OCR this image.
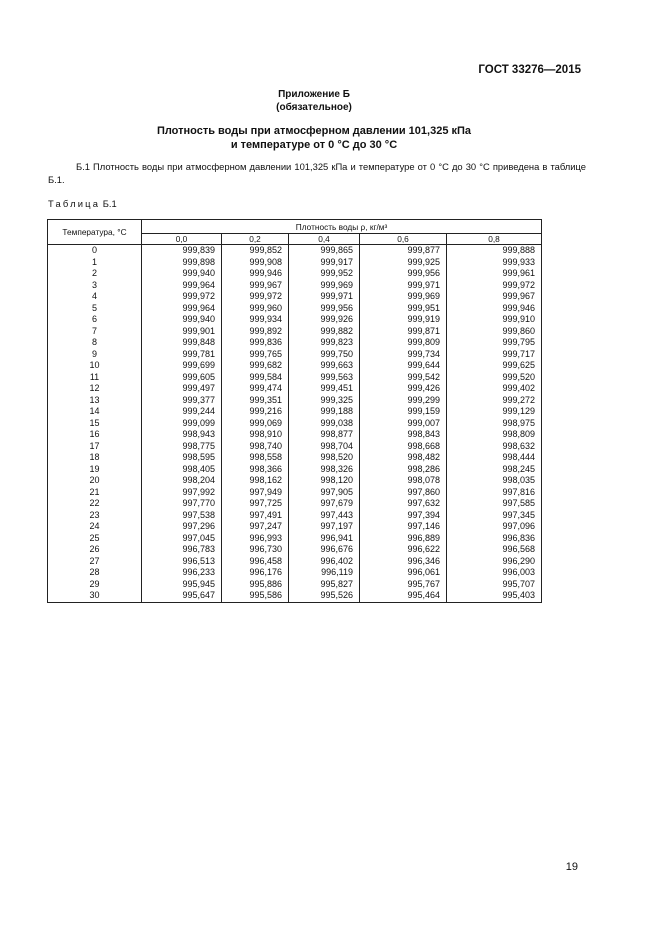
ГОСТ 33276—2015
Приложение Б
(обязательное)
Плотность воды при атмосферном давлении 101,325 кПа
и температуре от 0 °С до 30 °С
Б.1 Плотность воды при атмосферном давлении 101,325 кПа и температуре от 0 °С до 30 °С приведена в таблице Б.1.
Таблица Б.1
Температура, °С	Плотность воды ρ, кг/м³				
	0,0	0,2	0,4	0,6	0,8
0	999,839	999,852	999,865	999,877	999,888
1	999,898	999,908	999,917	999,925	999,933
2	999,940	999,946	999,952	999,956	999,961
3	999,964	999,967	999,969	999,971	999,972
4	999,972	999,972	999,971	999,969	999,967
5	999,964	999,960	999,956	999,951	999,946
6	999,940	999,934	999,926	999,919	999,910
7	999,901	999,892	999,882	999,871	999,860
8	999,848	999,836	999,823	999,809	999,795
9	999,781	999,765	999,750	999,734	999,717
10	999,699	999,682	999,663	999,644	999,625
11	999,605	999,584	999,563	999,542	999,520
12	999,497	999,474	999,451	999,426	999,402
13	999,377	999,351	999,325	999,299	999,272
14	999,244	999,216	999,188	999,159	999,129
15	999,099	999,069	999,038	999,007	998,975
16	998,943	998,910	998,877	998,843	998,809
17	998,775	998,740	998,704	998,668	998,632
18	998,595	998,558	998,520	998,482	998,444
19	998,405	998,366	998,326	998,286	998,245
20	998,204	998,162	998,120	998,078	998,035
21	997,992	997,949	997,905	997,860	997,816
22	997,770	997,725	997,679	997,632	997,585
23	997,538	997,491	997,443	997,394	997,345
24	997,296	997,247	997,197	997,146	997,096
25	997,045	996,993	996,941	996,889	996,836
26	996,783	996,730	996,676	996,622	996,568
27	996,513	996,458	996,402	996,346	996,290
28	996,233	996,176	996,119	996,061	996,003
29	995,945	995,886	995,827	995,767	995,707
30	995,647	995,586	995,526	995,464	995,403
19
